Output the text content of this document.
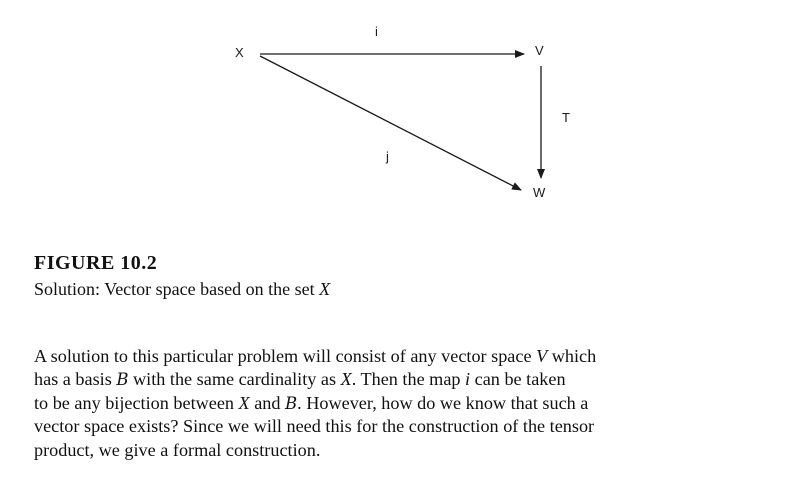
X	V
W
i
T
j
FIGURE 10.2
Solution: Vector space based on the set X
A solution to this particular problem will consist of any vector space V which
has a basis B with the same cardinality as X. Then the map i can be taken
to be any bijection between X and B. However, how do we know that such a
vector space exists? Since we will need this for the construction of the tensor
product, we give a formal construction.
